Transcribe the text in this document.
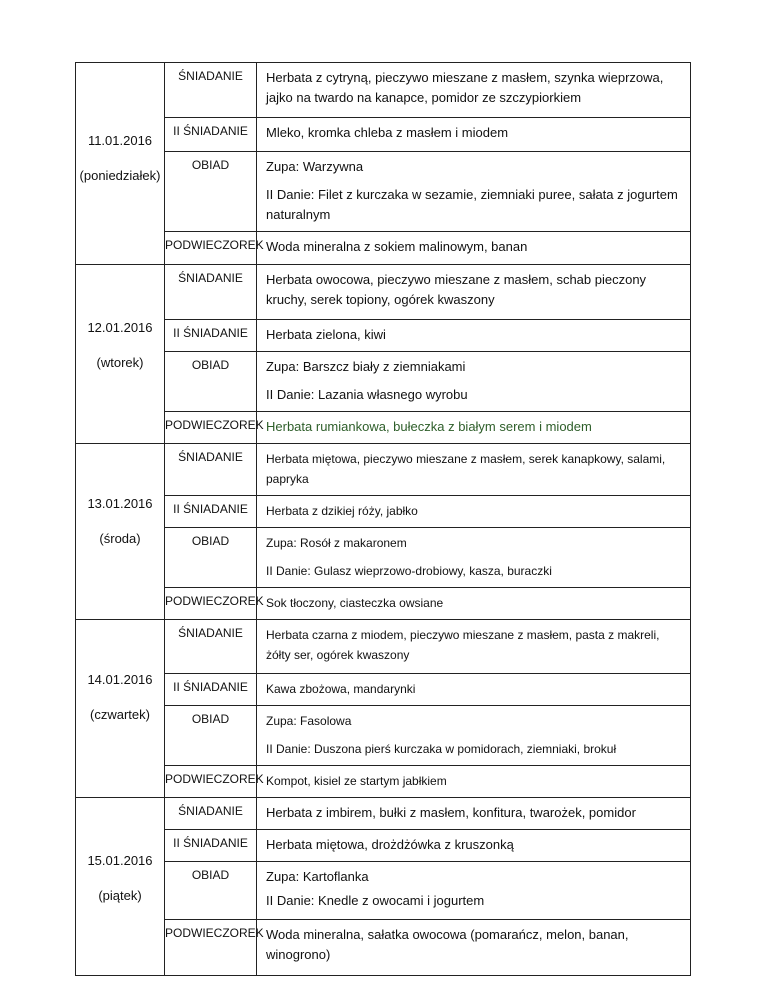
11.01.2016
(poniedziałek)	ŚNIADANIE	Herbata z cytryną, pieczywo mieszane z masłem, szynka wieprzowa, jajko na twardo na kanapce, pomidor ze szczypiorkiem

	II ŚNIADANIE	Mleko, kromka chleba z masłem i miodem

	OBIAD	Zupa: Warzywna
II Danie: Filet z kurczaka w sezamie, ziemniaki puree, sałata z jogurtem naturalnym

	PODWIECZOREK	Woda mineralna z sokiem malinowym, banan

12.01.2016
(wtorek)	ŚNIADANIE	Herbata owocowa, pieczywo mieszane z masłem, schab pieczony kruchy, serek topiony, ogórek kwaszony

	II ŚNIADANIE	Herbata zielona, kiwi

	OBIAD	Zupa: Barszcz biały z ziemniakami
II Danie: Lazania własnego wyrobu

	PODWIECZOREK	Herbata rumiankowa, bułeczka z białym serem i miodem

13.01.2016
(środa)	ŚNIADANIE	Herbata miętowa, pieczywo mieszane z masłem, serek kanapkowy, salami, papryka

	II ŚNIADANIE	Herbata z dzikiej róży, jabłko

	OBIAD	Zupa: Rosół z makaronem
II Danie: Gulasz wieprzowo-drobiowy, kasza, buraczki

	PODWIECZOREK	Sok tłoczony, ciasteczka owsiane

14.01.2016
(czwartek)	ŚNIADANIE	Herbata czarna z miodem, pieczywo mieszane z masłem, pasta z makreli, żółty ser, ogórek kwaszony

	II ŚNIADANIE	Kawa zbożowa, mandarynki

	OBIAD	Zupa: Fasolowa
II Danie: Duszona pierś kurczaka w pomidorach, ziemniaki, brokuł

	PODWIECZOREK	Kompot, kisiel ze startym jabłkiem

15.01.2016
(piątek)	ŚNIADANIE	Herbata z imbirem, bułki z masłem, konfitura, twarożek, pomidor

	II ŚNIADANIE	Herbata miętowa, drożdżówka z kruszonką

	OBIAD	Zupa: Kartoflanka
II Danie: Knedle z owocami i jogurtem

	PODWIECZOREK	Woda mineralna, sałatka owocowa (pomarańcz, melon, banan, winogrono)
